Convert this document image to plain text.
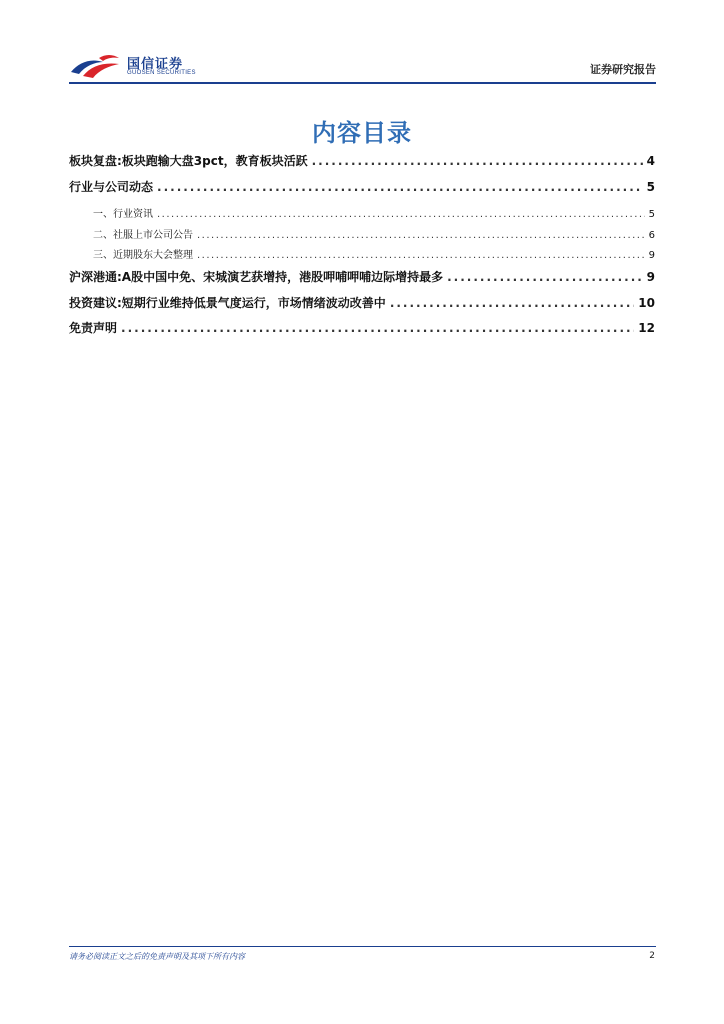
国信证券
GUOSEN SECURITIES	证券研究报告
内容目录
板块复盘:板块跑输大盘3pct，教育板块活跃 .....	4
行业与公司动态 .....	5
一、行业资讯 .....	5
二、社服上市公司公告 .....	6
三、近期股东大会整理 .....	9
沪深港通:A股中国中免、宋城演艺获增持，港股呷哺呷哺边际增持最多 .....	9
投资建议:短期行业维持低景气度运行，市场情绪波动改善中 .....	10
免责声明 .....	12
请务必阅读正文之后的免责声明及其项下所有内容	2
